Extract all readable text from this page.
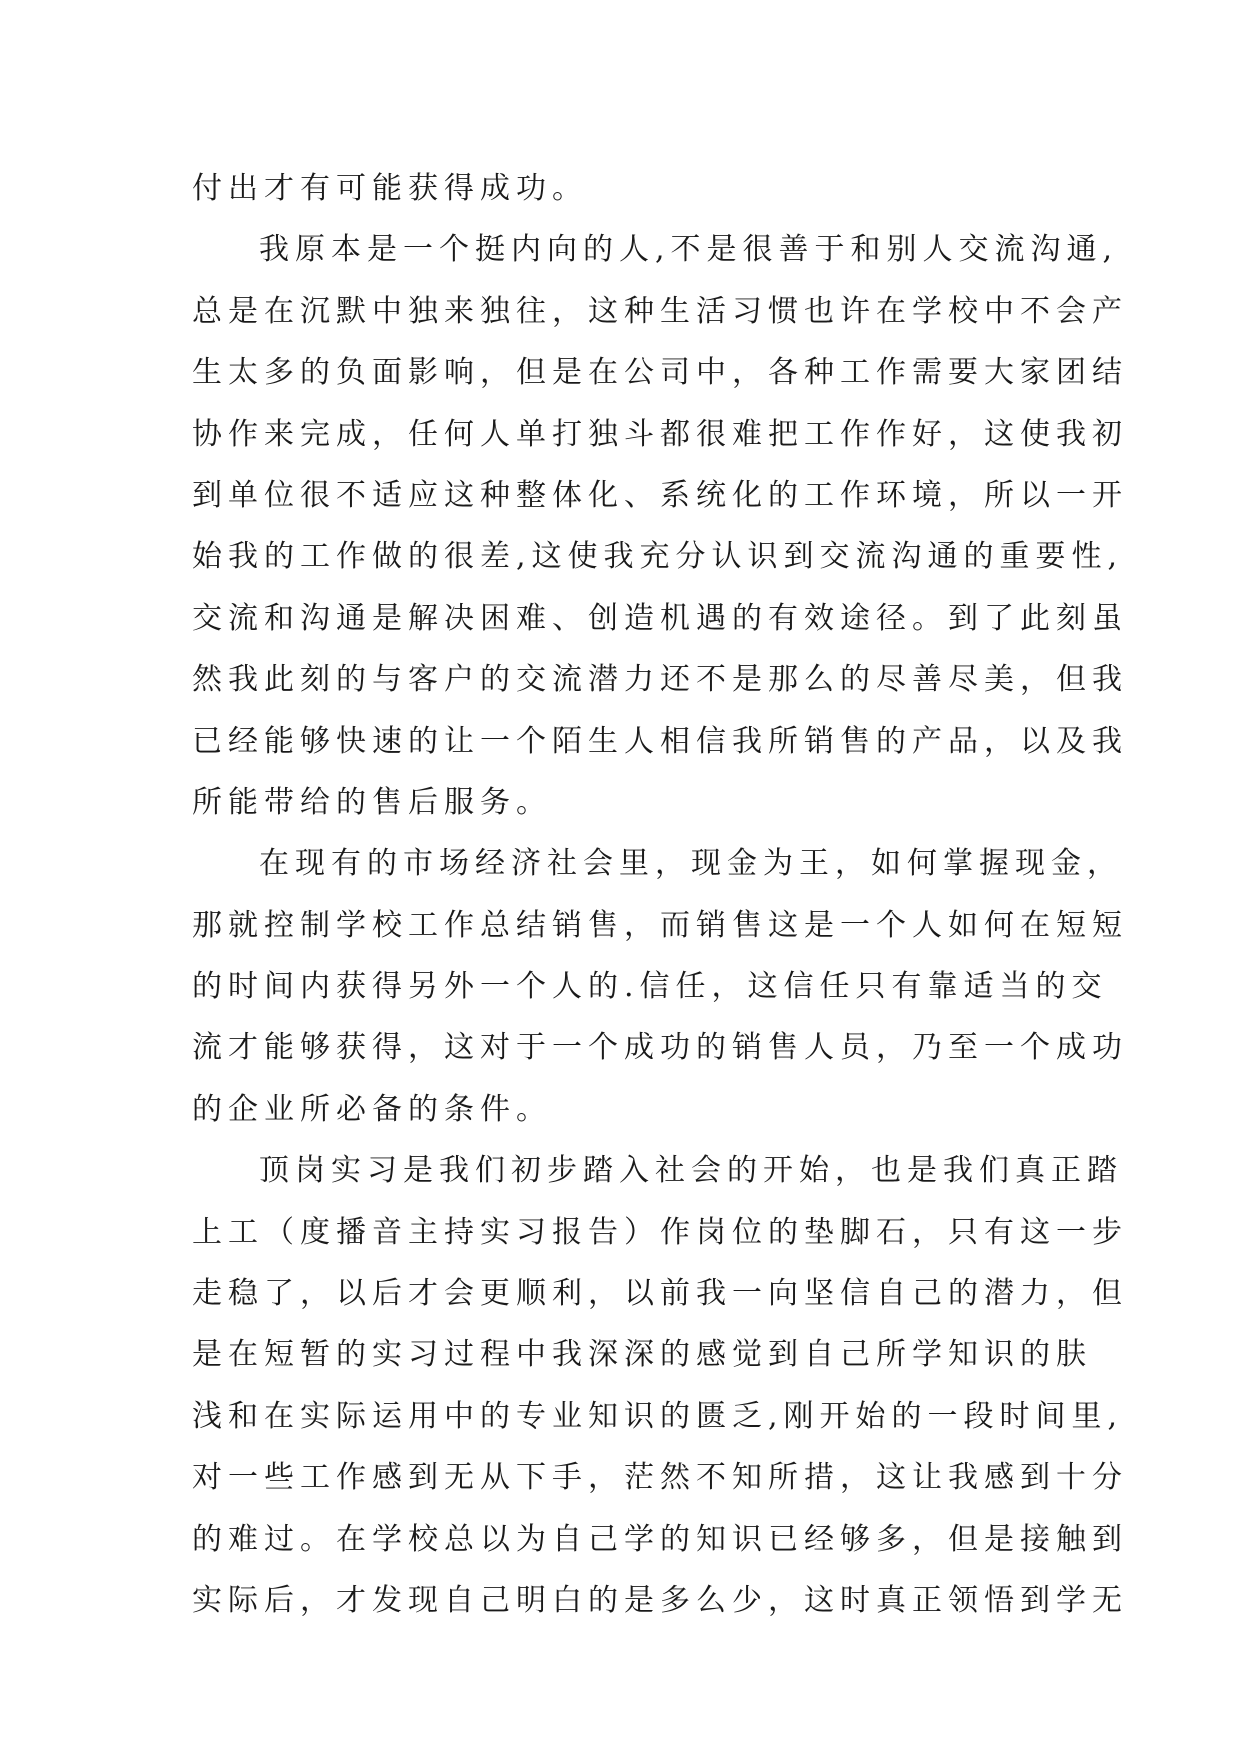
付出才有可能获得成功。
我原本是一个挺内向的人,不是很善于和别人交流沟通,
总是在沉默中独来独往，这种生活习惯也许在学校中不会产
生太多的负面影响，但是在公司中，各种工作需要大家团结
协作来完成，任何人单打独斗都很难把工作作好，这使我初
到单位很不适应这种整体化、系统化的工作环境，所以一开
始我的工作做的很差,这使我充分认识到交流沟通的重要性,
交流和沟通是解决困难、创造机遇的有效途径。到了此刻虽
然我此刻的与客户的交流潜力还不是那么的尽善尽美，但我
已经能够快速的让一个陌生人相信我所销售的产品，以及我
所能带给的售后服务。
在现有的市场经济社会里，现金为王，如何掌握现金，
那就控制学校工作总结销售，而销售这是一个人如何在短短
的时间内获得另外一个人的.信任，这信任只有靠适当的交
流才能够获得，这对于一个成功的销售人员，乃至一个成功
的企业所必备的条件。
顶岗实习是我们初步踏入社会的开始，也是我们真正踏
上工（度播音主持实习报告）作岗位的垫脚石，只有这一步
走稳了，以后才会更顺利，以前我一向坚信自己的潜力，但
是在短暂的实习过程中我深深的感觉到自己所学知识的肤
浅和在实际运用中的专业知识的匮乏,刚开始的一段时间里,
对一些工作感到无从下手，茫然不知所措，这让我感到十分
的难过。在学校总以为自己学的知识已经够多，但是接触到
实际后，才发现自己明白的是多么少，这时真正领悟到学无
